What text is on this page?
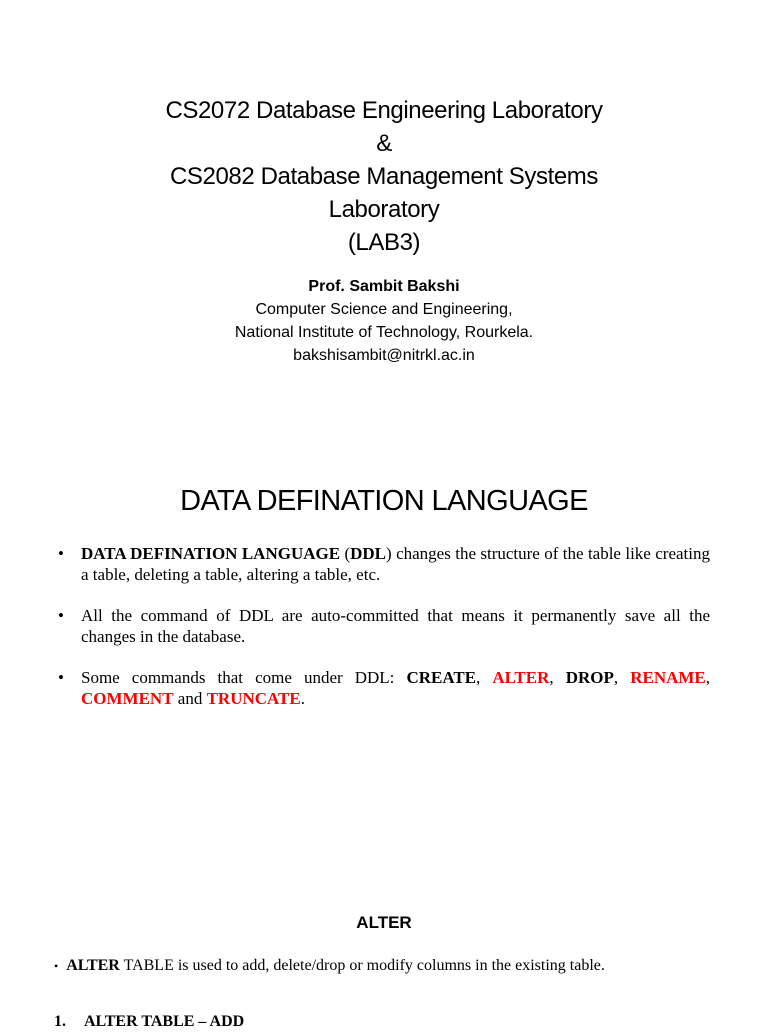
CS2072 Database Engineering Laboratory
&
CS2082 Database Management Systems
Laboratory
(LAB3)
Prof. Sambit Bakshi
Computer Science and Engineering,
National Institute of Technology, Rourkela.
bakshisambit@nitrkl.ac.in
DATA DEFINATION LANGUAGE
• DATA DEFINATION LANGUAGE (DDL) changes the structure of the table like creating a table, deleting a table, altering a table, etc.
• All the command of DDL are auto-committed that means it permanently save all the changes in the database.
• Some commands that come under DDL: CREATE, ALTER, DROP, RENAME, COMMENT and TRUNCATE.
ALTER
• ALTER TABLE is used to add, delete/drop or modify columns in the existing table.
1. ALTER TABLE – ADD
